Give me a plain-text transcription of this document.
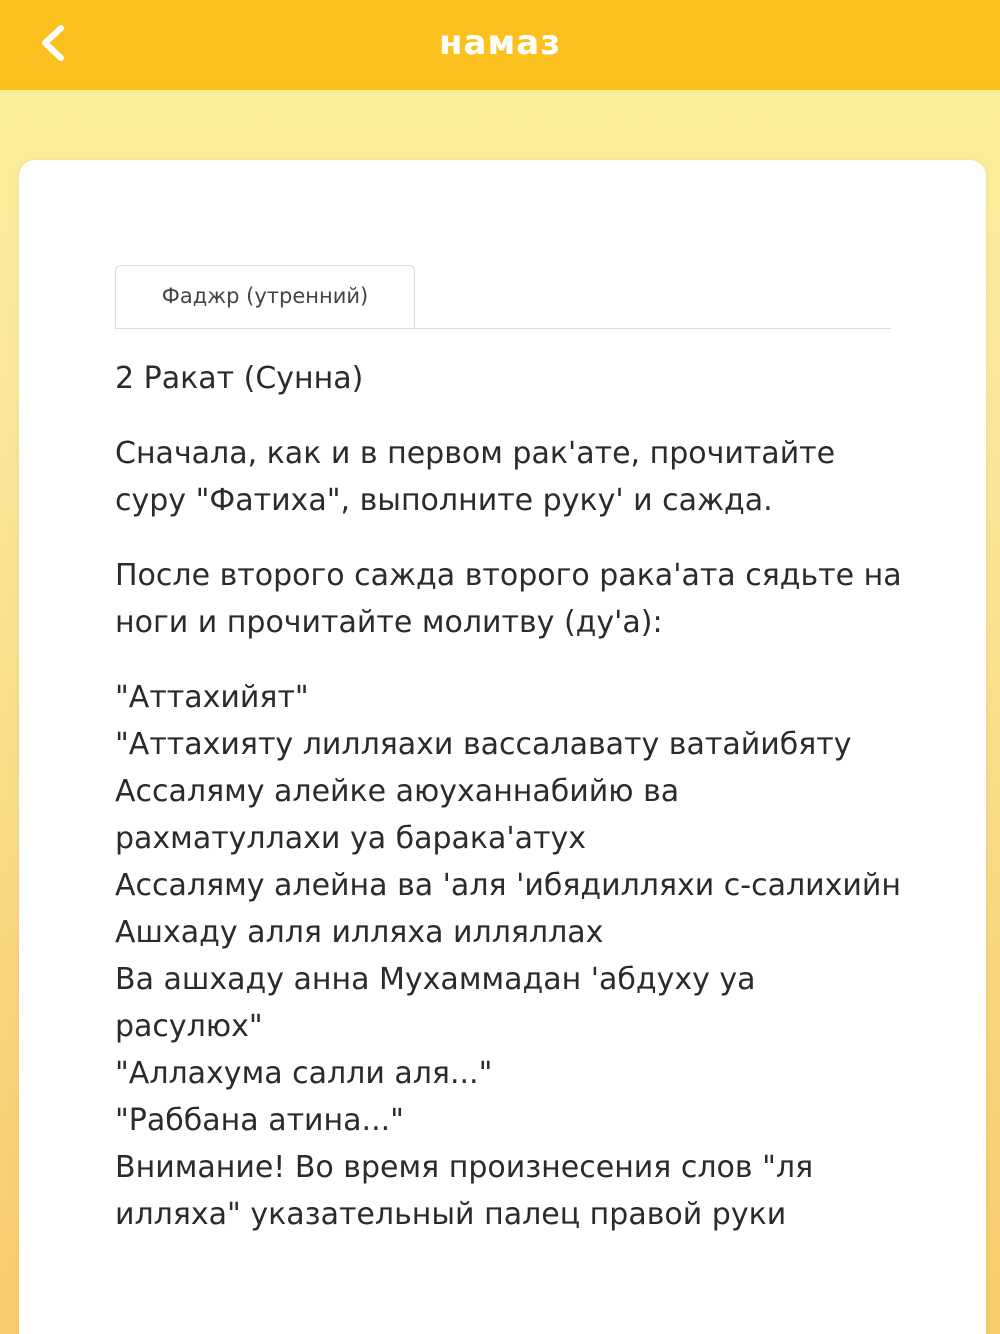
намаз
Фаджр (утренний)

2 Ракат (Сунна)

Сначала, как и в первом рак'ате, прочитайте суру "Фатиха", выполните руку' и сажда.

После второго сажда второго рака'ата сядьте на ноги и прочитайте молитву (ду'а):

"Аттахийят"
"Аттахияту лилляахи вассалавату ватайибяту
Ассаляму алейке аюуханнабийю ва рахматуллахи уа барака'атух
Ассаляму алейна ва 'аля 'ибядилляхи с-салихийн
Ашхаду алля илляха илляллах
Ва ашхаду анна Мухаммадан 'абдуху уа расулюх"
"Аллахума салли аля..."
"Раббана атина..."
Внимание! Во время произнесения слов "ля илляха" указательный палец правой руки
